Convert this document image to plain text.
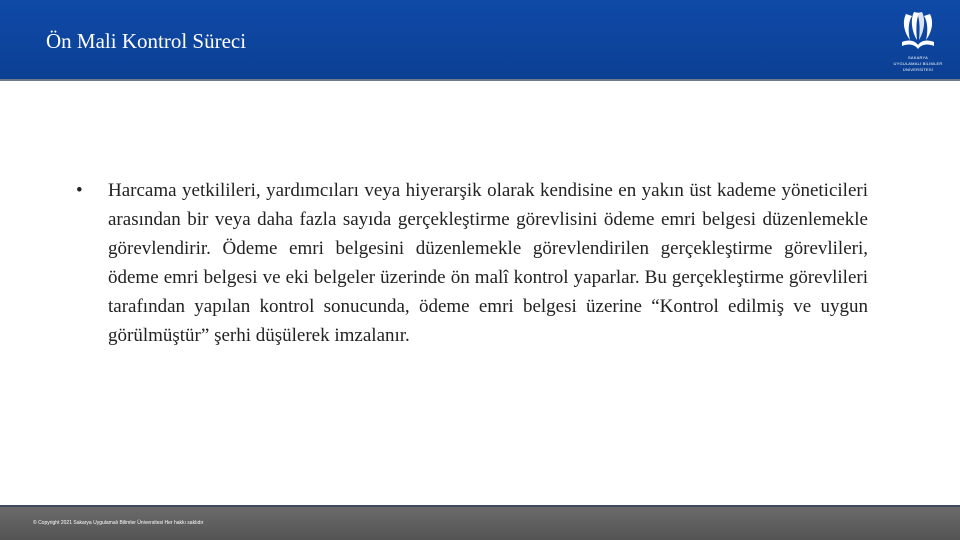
Ön Mali Kontrol Süreci
SAKARYA
UYGULAMALI BİLİMLER
ÜNİVERSİTESİ
• Harcama yetkilileri, yardımcıları veya hiyerarşik olarak kendisine en yakın üst kademe yöneticileri arasından bir veya daha fazla sayıda gerçekleştirme görevlisini ödeme emri belgesi düzenlemekle görevlendirir. Ödeme emri belgesini düzenlemekle görevlendirilen gerçekleştirme görevlileri, ödeme emri belgesi ve eki belgeler üzerinde ön malî kontrol yaparlar. Bu gerçekleştirme görevlileri tarafından yapılan kontrol sonucunda, ödeme emri belgesi üzerine “Kontrol edilmiş ve uygun görülmüştür” şerhi düşülerek imzalanır.
© Copyright 2021 Sakarya Uygulamalı Bilimler Üniversitesi Her hakkı saklıdır
